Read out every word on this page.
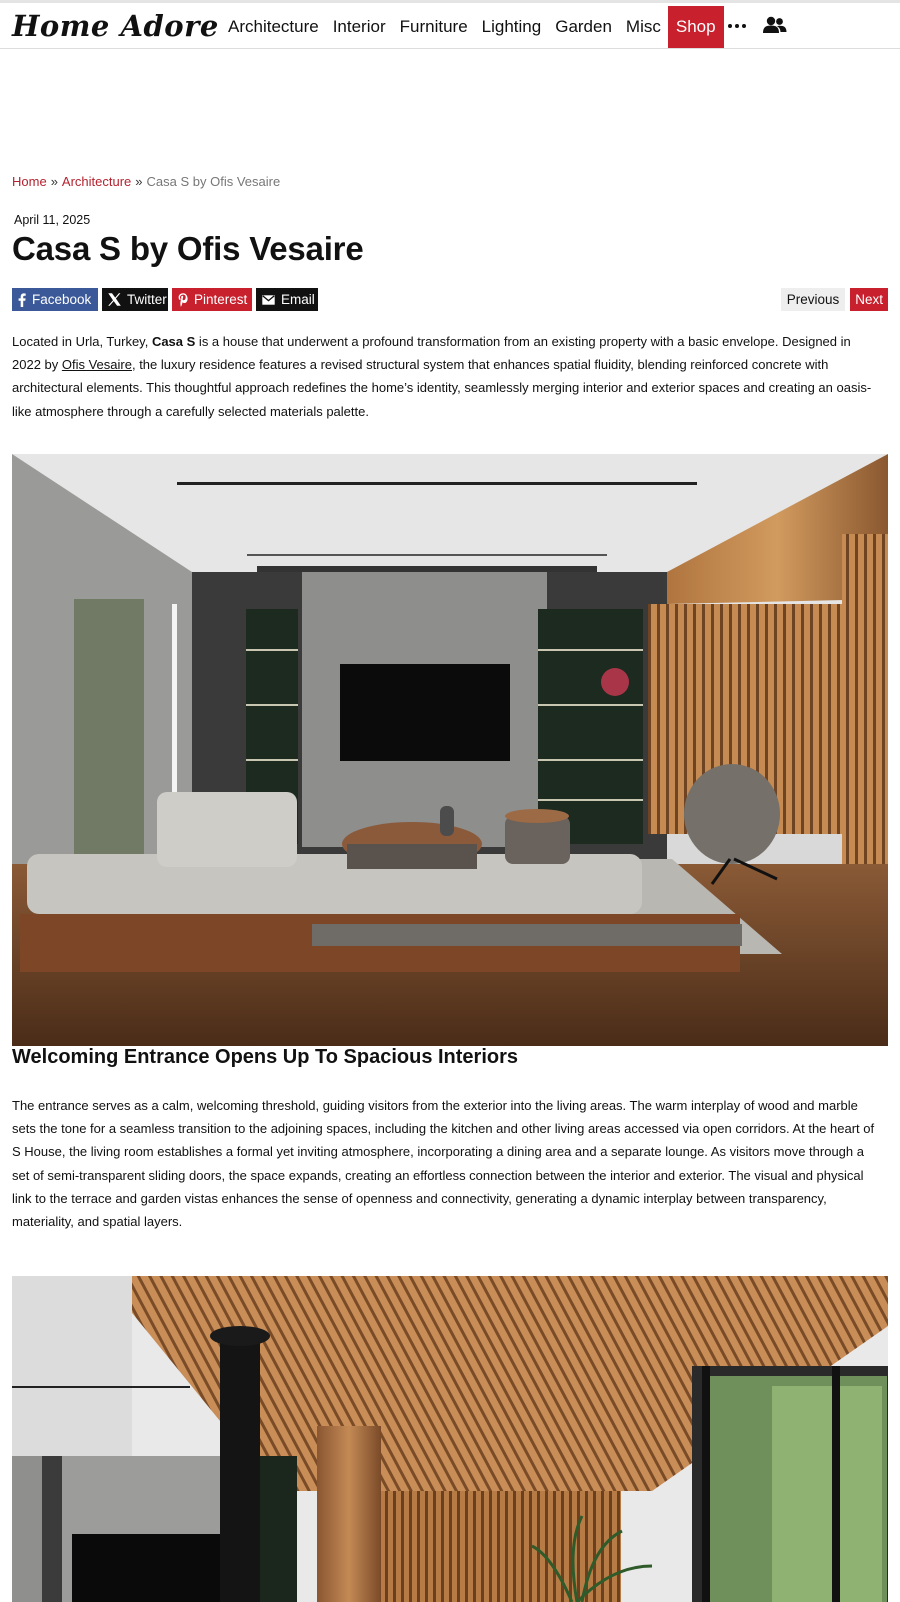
Home Adore Architecture Interior Furniture Lighting Garden Misc Shop
Home » Architecture » Casa S by Ofis Vesaire
April 11, 2025
Casa S by Ofis Vesaire
Facebook	Twitter Pinterest Email	Previous	Next

Located in Urla, Turkey, Casa S is a house that underwent a profound transformation from an existing property with a basic envelope. Designed in 2022 by Ofis Vesaire, the luxury residence features a revised structural system that enhances spatial fluidity, blending reinforced concrete with architectural elements. This thoughtful approach redefines the home’s identity, seamlessly merging interior and exterior spaces and creating an oasis-like atmosphere through a carefully selected materials palette.

Welcoming Entrance Opens Up To Spacious Interiors

The entrance serves as a calm, welcoming threshold, guiding visitors from the exterior into the living areas. The warm interplay of wood and marble sets the tone for a seamless transition to the adjoining spaces, including the kitchen and other living areas accessed via open corridors. At the heart of S House, the living room establishes a formal yet inviting atmosphere, incorporating a dining area and a separate lounge. As visitors move through a set of semi-transparent sliding doors, the space expands, creating an effortless connection between the interior and exterior. The visual and physical link to the terrace and garden vistas enhances the sense of openness and connectivity, generating a dynamic interplay between transparency, materiality, and spatial layers.
